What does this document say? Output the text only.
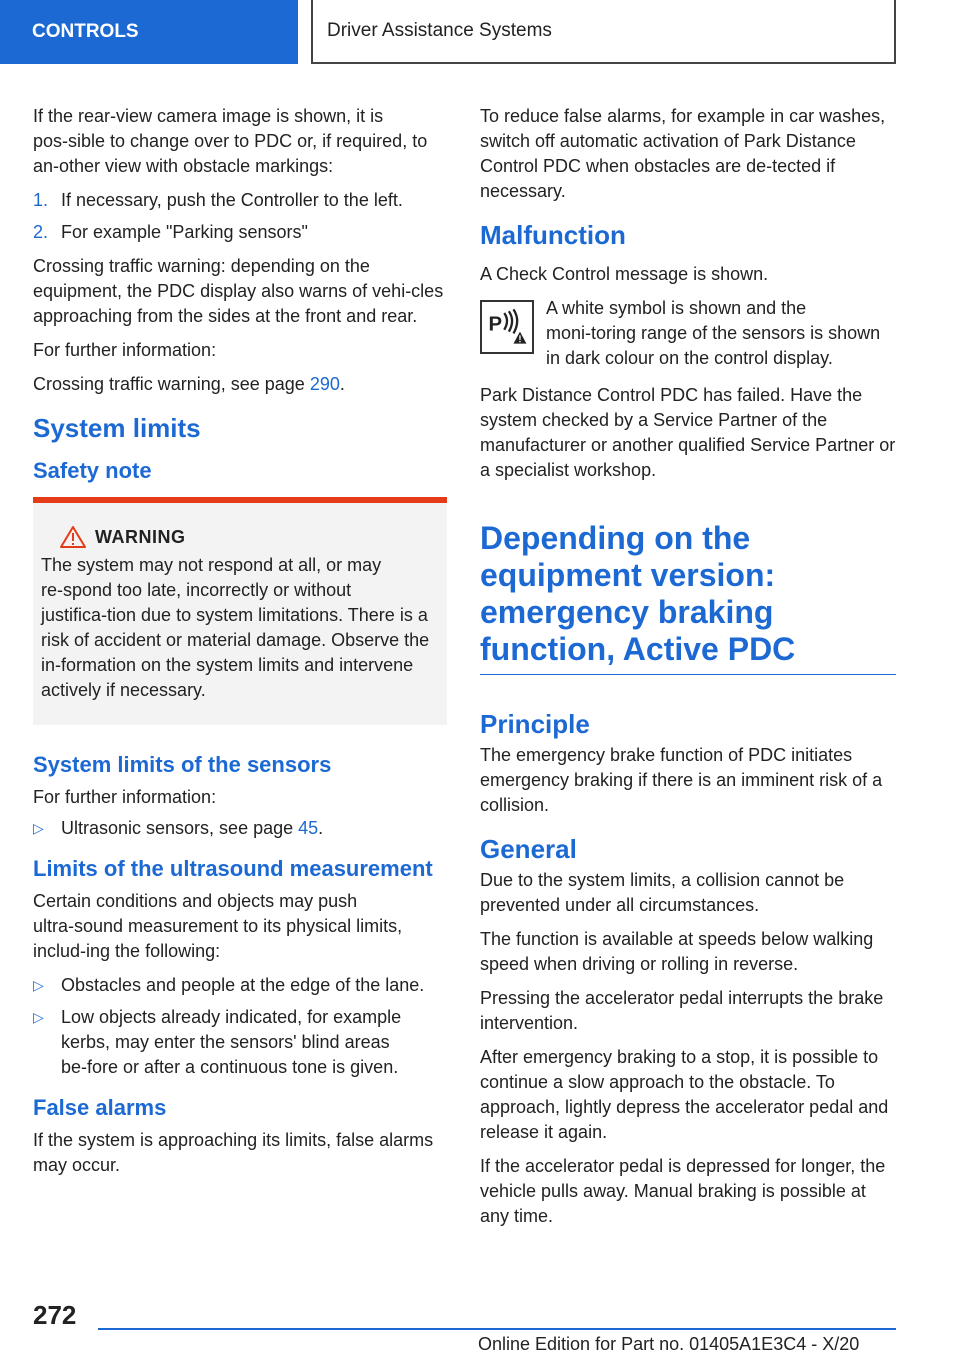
CONTROLS	Driver Assistance Systems

If the rear-view camera image is shown, it is pos‑sible to change over to PDC or, if required, to an‑other view with obstacle markings:

1. If necessary, push the Controller to the left.
2. For example "Parking sensors"

Crossing traffic warning: depending on the equipment, the PDC display also warns of vehi‑cles approaching from the sides at the front and rear.

For further information:

Crossing traffic warning, see page 290.

System limits
Safety note
WARNING

The system may not respond at all, or may re‑spond too late, incorrectly or without justifica‑tion due to system limitations. There is a risk of accident or material damage. Observe the in‑formation on the system limits and intervene actively if necessary.

System limits of the sensors

For further information:

▷ Ultrasonic sensors, see page 45.
Limits of the ultrasound measurement

Certain conditions and objects may push ultra‑sound measurement to its physical limits, includ‑ing the following:

▷ Obstacles and people at the edge of the lane.
▷ Low objects already indicated, for example kerbs, may enter the sensors' blind areas be‑fore or after a continuous tone is given.
False alarms

If the system is approaching its limits, false alarms may occur.

To reduce false alarms, for example in car washes, switch off automatic activation of Park Distance Control PDC when obstacles are de‑tected if necessary.

Malfunction

A Check Control message is shown.

P

A white symbol is shown and the moni‑toring range of the sensors is shown in dark colour on the control display.

Park Distance Control PDC has failed. Have the system checked by a Service Partner of the manufacturer or another qualified Service Partner or a specialist workshop.

Depending on the equipment version: emergency braking function, Active PDC
Principle

The emergency brake function of PDC initiates emergency braking if there is an imminent risk of a collision.

General

Due to the system limits, a collision cannot be prevented under all circumstances.

The function is available at speeds below walking speed when driving or rolling in reverse.

Pressing the accelerator pedal interrupts the brake intervention.

After emergency braking to a stop, it is possible to continue a slow approach to the obstacle. To approach, lightly depress the accelerator pedal and release it again.

If the accelerator pedal is depressed for longer, the vehicle pulls away. Manual braking is possible at any time.

272
Online Edition for Part no. 01405A1E3C4 - X/20
